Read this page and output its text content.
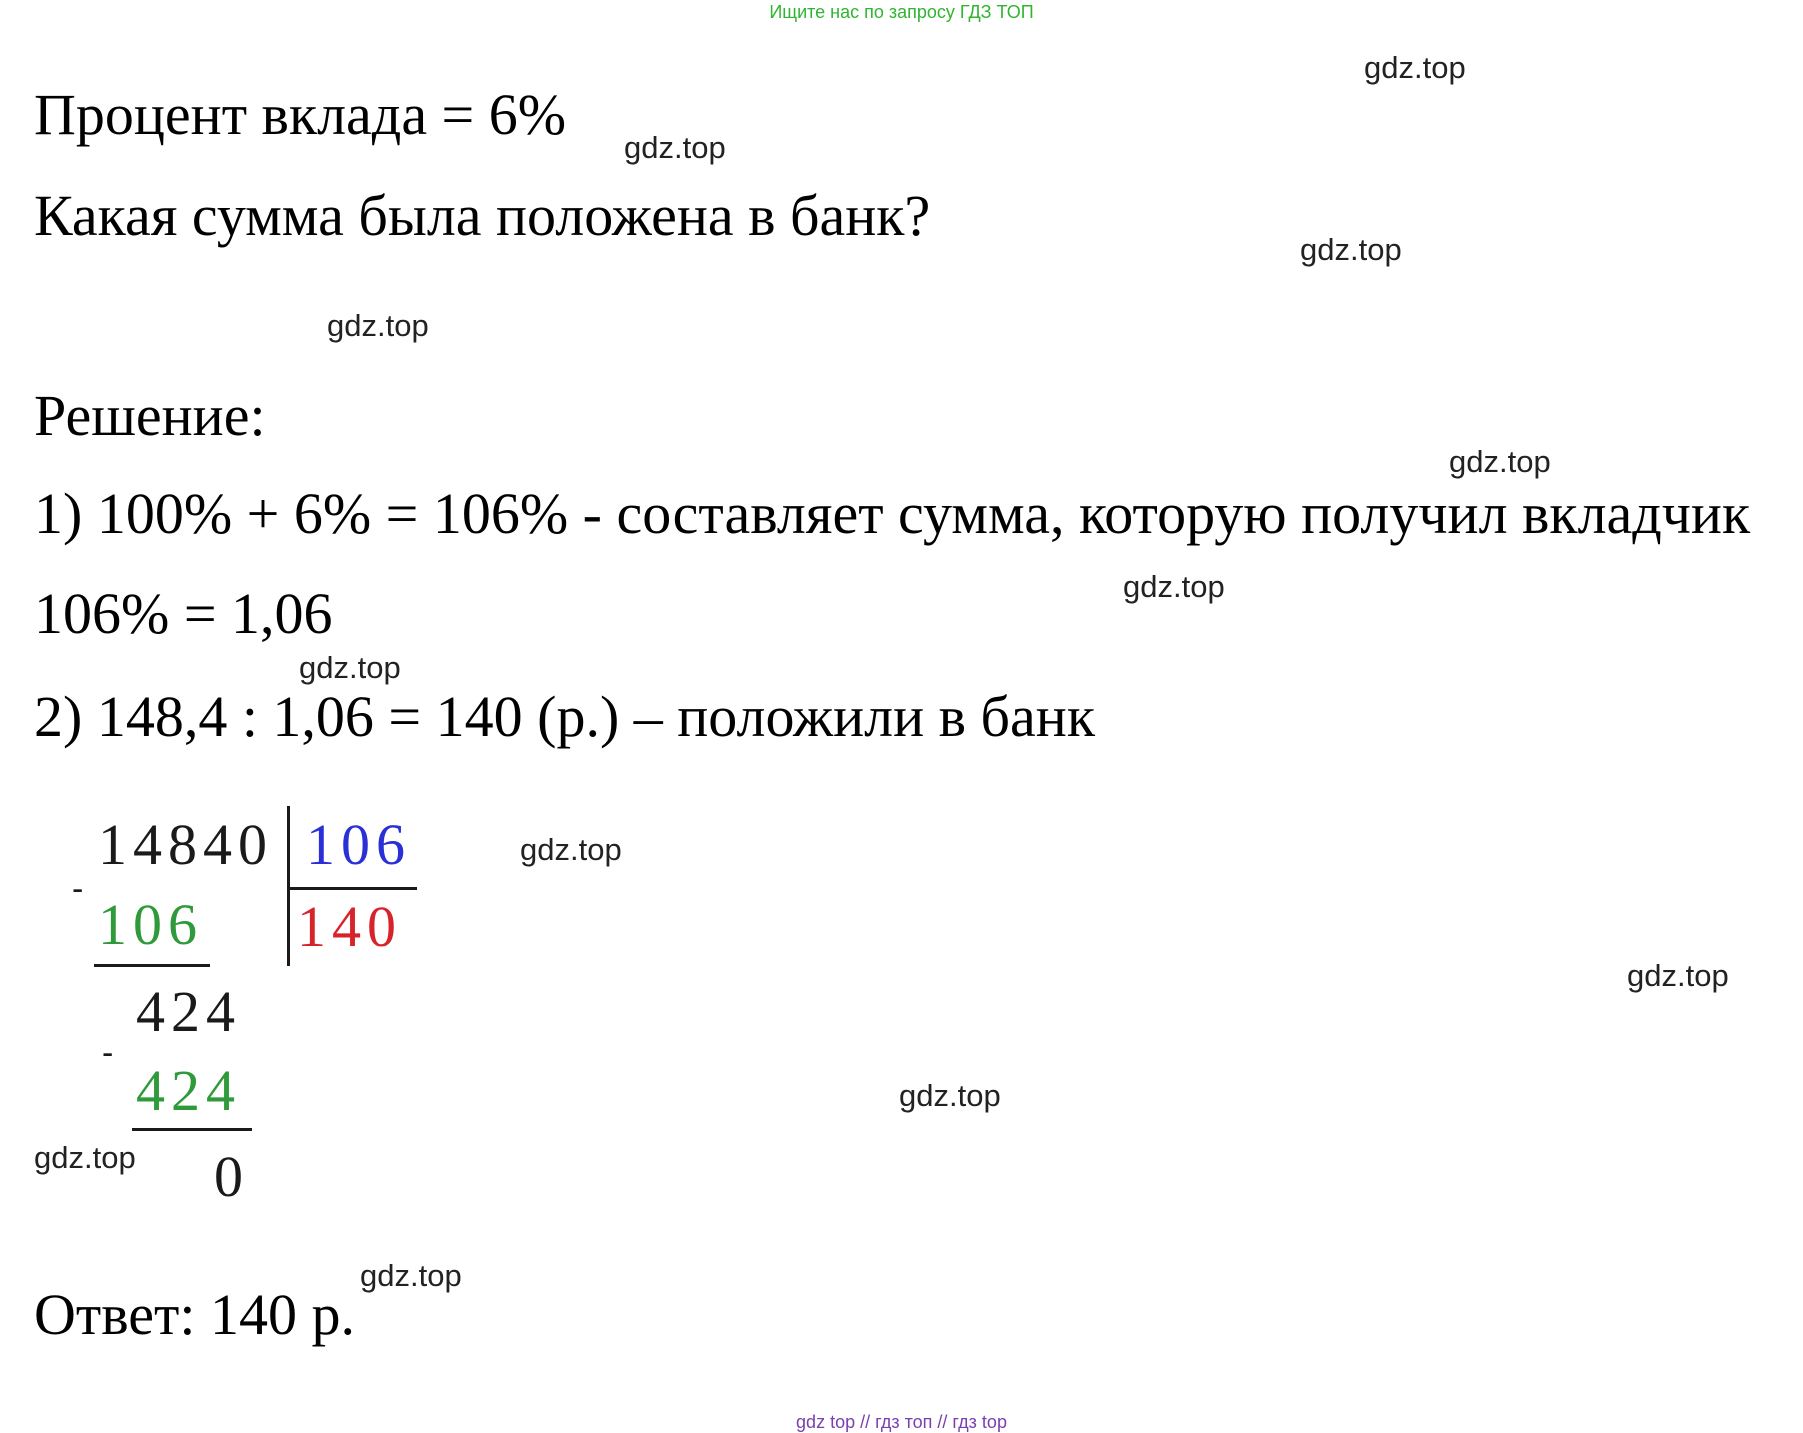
Ищите нас по запросу ГДЗ ТОП
Процент вклада = 6%
Какая сумма была положена в банк?
Решение:
1) 100% + 6% = 106% - составляет сумма, которую получил вкладчик
106% = 1,06
2) 148,4 : 1,06 = 140 (р.) – положили в банк
Ответ: 140 р.
14840 106
140
-
106
424
-
424
0
gdz.top
gdz.top
gdz.top
gdz.top
gdz.top
gdz.top
gdz.top
gdz.top
gdz.top
gdz.top
gdz.top
gdz.top
gdz top // гдз топ // гдз top
